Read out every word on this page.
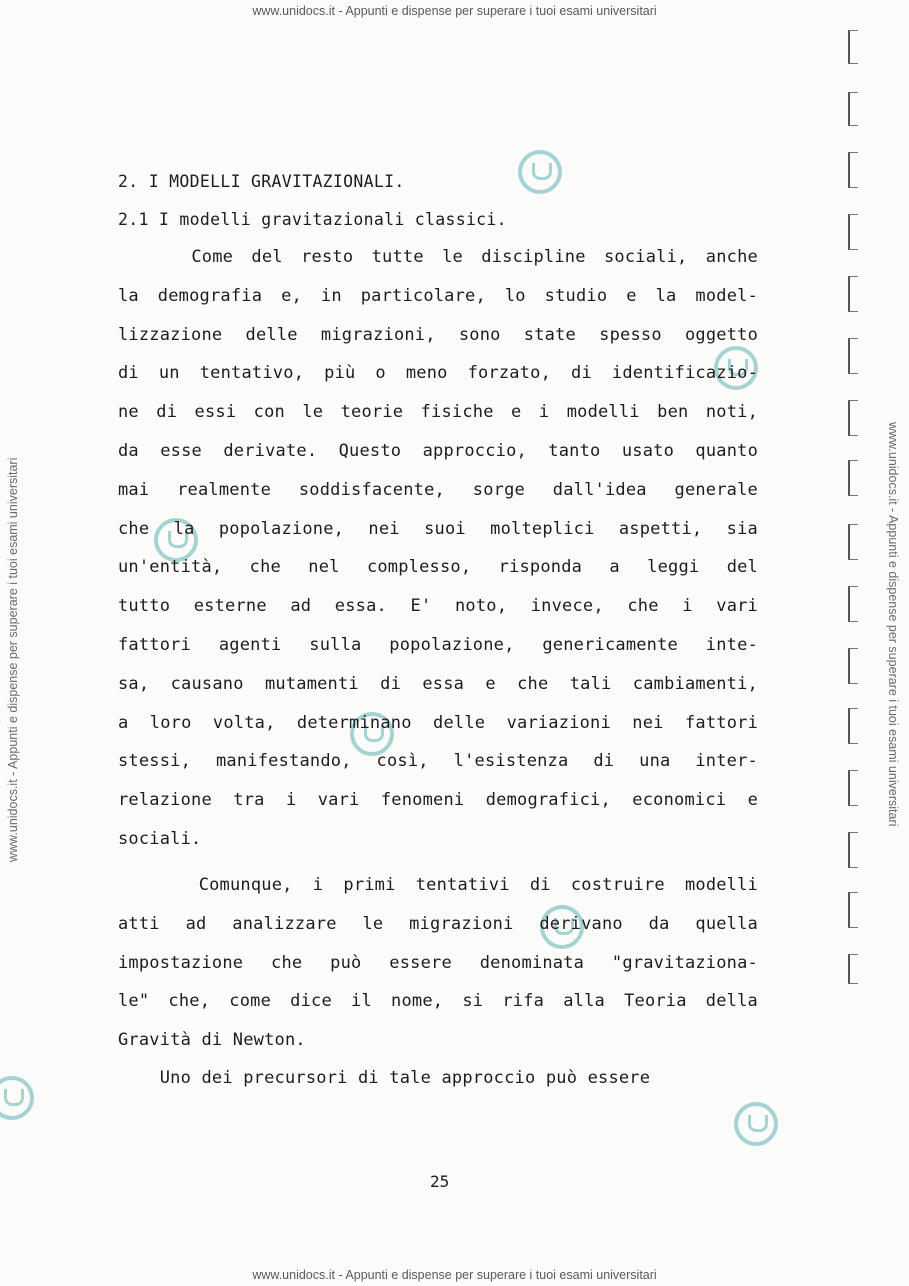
www.unidocs.it - Appunti e dispense per superare i tuoi esami universitari
www.unidocs.it - Appunti e dispense per superare i tuoi esami universitari
www.unidocs.it - Appunti e dispense per superare i tuoi esami universitari	www.unidocs.it - Appunti e dispense per superare i tuoi esami universitari
2. I MODELLI GRAVITAZIONALI.
2.1 I modelli gravitazionali classici.
Come del resto tutte le discipline sociali, anche
la demografia e, in particolare, lo studio e la model-
lizzazione delle migrazioni, sono state spesso oggetto
di un tentativo, più o meno forzato, di identificazio-
ne di essi con le teorie fisiche e i modelli ben noti,
da esse derivate. Questo approccio, tanto usato quanto
mai realmente soddisfacente, sorge dall'idea generale
che la popolazione, nei suoi molteplici aspetti, sia
un'entità, che nel complesso, risponda a leggi del
tutto esterne ad essa. E' noto, invece, che i vari
fattori agenti sulla popolazione, genericamente inte-
sa, causano mutamenti di essa e che tali cambiamenti,
a loro volta, determinano delle variazioni nei fattori
stessi, manifestando, così, l'esistenza di una inter-
relazione tra i vari fenomeni demografici, economici e
sociali.
Comunque, i primi tentativi di costruire modelli
atti ad analizzare le migrazioni derivano da quella
impostazione che può essere denominata "gravitaziona-
le" che, come dice il nome, si rifa alla Teoria della
Gravità di Newton.
Uno dei precursori di tale approccio può essere
25
